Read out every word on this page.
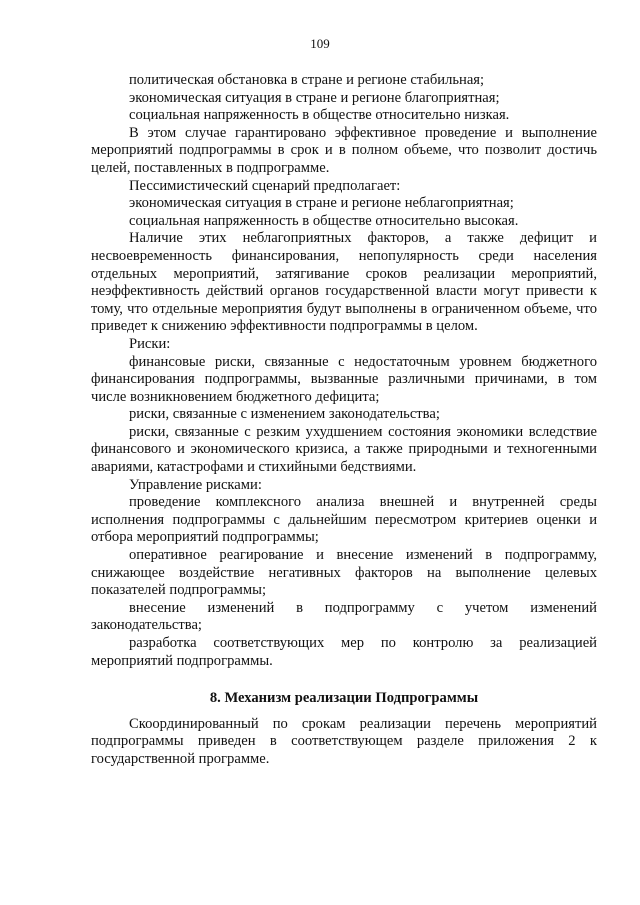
109

политическая обстановка в стране и регионе стабильная;

экономическая ситуация в стране и регионе благоприятная;

социальная напряженность в обществе относительно низкая.

В этом случае гарантировано эффективное проведение и выполнение мероприятий подпрограммы в срок и в полном объеме, что позволит достичь целей, поставленных в подпрограмме.

Пессимистический сценарий предполагает:

экономическая ситуация в стране и регионе неблагоприятная;

социальная напряженность в обществе относительно высокая.

Наличие этих неблагоприятных факторов, а также дефицит и несвоевременность финансирования, непопулярность среди населения отдельных мероприятий, затягивание сроков реализации мероприятий, неэффективность действий органов государственной власти могут привести к тому, что отдельные мероприятия будут выполнены в ограниченном объеме, что приведет к снижению эффективности подпрограммы в целом.

Риски:

финансовые риски, связанные с недостаточным уровнем бюджетного финансирования подпрограммы, вызванные различными причинами, в том числе возникновением бюджетного дефицита;

риски, связанные с изменением законодательства;

риски, связанные с резким ухудшением состояния экономики вследствие финансового и экономического кризиса, а также природными и техногенными авариями, катастрофами и стихийными бедствиями.

Управление рисками:

проведение комплексного анализа внешней и внутренней среды исполнения подпрограммы с дальнейшим пересмотром критериев оценки и отбора мероприятий подпрограммы;

оперативное реагирование и внесение изменений в подпрограмму, снижающее воздействие негативных факторов на выполнение целевых показателей подпрограммы;

внесение изменений в подпрограмму с учетом изменений законодательства;

разработка соответствующих мер по контролю за реализацией мероприятий подпрограммы.

8. Механизм реализации Подпрограммы

Скоординированный по срокам реализации перечень мероприятий подпрограммы приведен в соответствующем разделе приложения 2 к государственной программе.
